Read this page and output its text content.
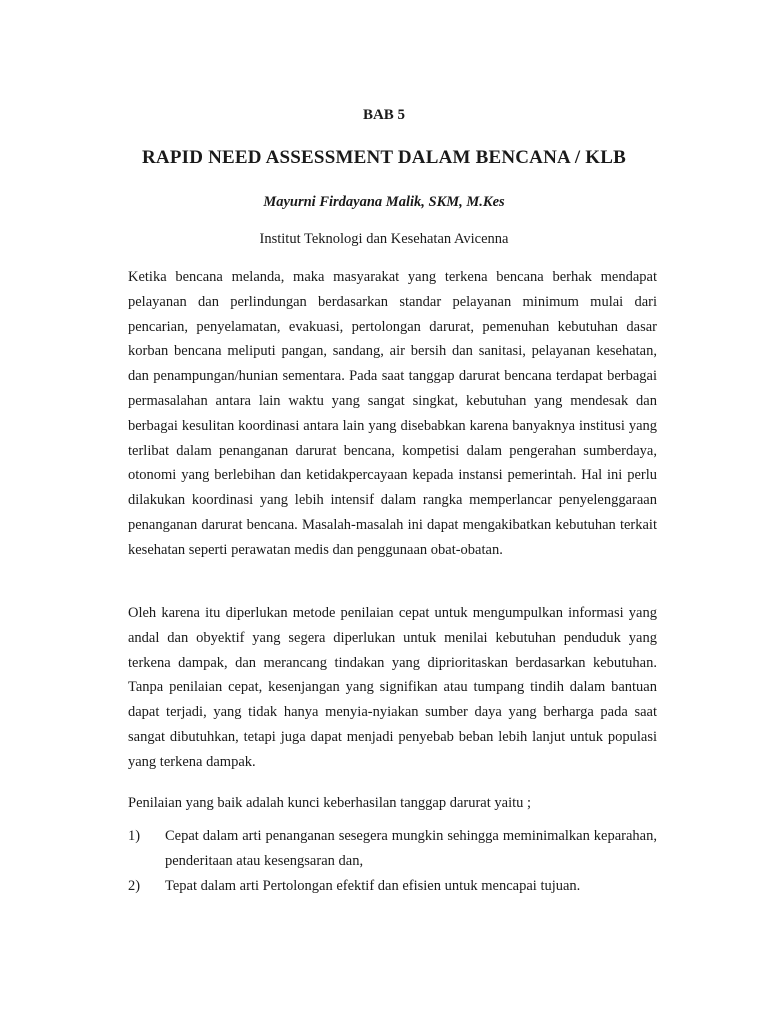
BAB 5
RAPID NEED ASSESSMENT DALAM BENCANA / KLB
Mayurni Firdayana Malik, SKM, M.Kes
Institut Teknologi dan Kesehatan Avicenna

Ketika bencana melanda, maka masyarakat yang terkena bencana berhak mendapat pelayanan dan perlindungan berdasarkan standar pelayanan minimum mulai dari pencarian, penyelamatan, evakuasi, pertolongan darurat, pemenuhan kebutuhan dasar korban bencana meliputi pangan, sandang, air bersih dan sanitasi, pelayanan kesehatan, dan penampungan/hunian sementara. Pada saat tanggap darurat bencana terdapat berbagai permasalahan antara lain waktu yang sangat singkat, kebutuhan yang mendesak dan berbagai kesulitan koordinasi antara lain yang disebabkan karena banyaknya institusi yang terlibat dalam penanganan darurat bencana, kompetisi dalam pengerahan sumberdaya, otonomi yang berlebihan dan ketidakpercayaan kepada instansi pemerintah. Hal ini perlu dilakukan koordinasi yang lebih intensif dalam rangka memperlancar penyelenggaraan penanganan darurat bencana. Masalah-masalah ini dapat mengakibatkan kebutuhan terkait kesehatan seperti perawatan medis dan penggunaan obat-obatan.

Oleh karena itu diperlukan metode penilaian cepat untuk mengumpulkan informasi yang andal dan obyektif yang segera diperlukan untuk menilai kebutuhan penduduk yang terkena dampak, dan merancang tindakan yang diprioritaskan berdasarkan kebutuhan. Tanpa penilaian cepat, kesenjangan yang signifikan atau tumpang tindih dalam bantuan dapat terjadi, yang tidak hanya menyia-nyiakan sumber daya yang berharga pada saat sangat dibutuhkan, tetapi juga dapat menjadi penyebab beban lebih lanjut untuk populasi yang terkena dampak.

Penilaian yang baik adalah kunci keberhasilan tanggap darurat yaitu ;

1) Cepat dalam arti penanganan sesegera mungkin sehingga meminimalkan keparahan, penderitaan atau kesengsaran dan,
2) Tepat dalam arti Pertolongan efektif dan efisien untuk mencapai tujuan.
